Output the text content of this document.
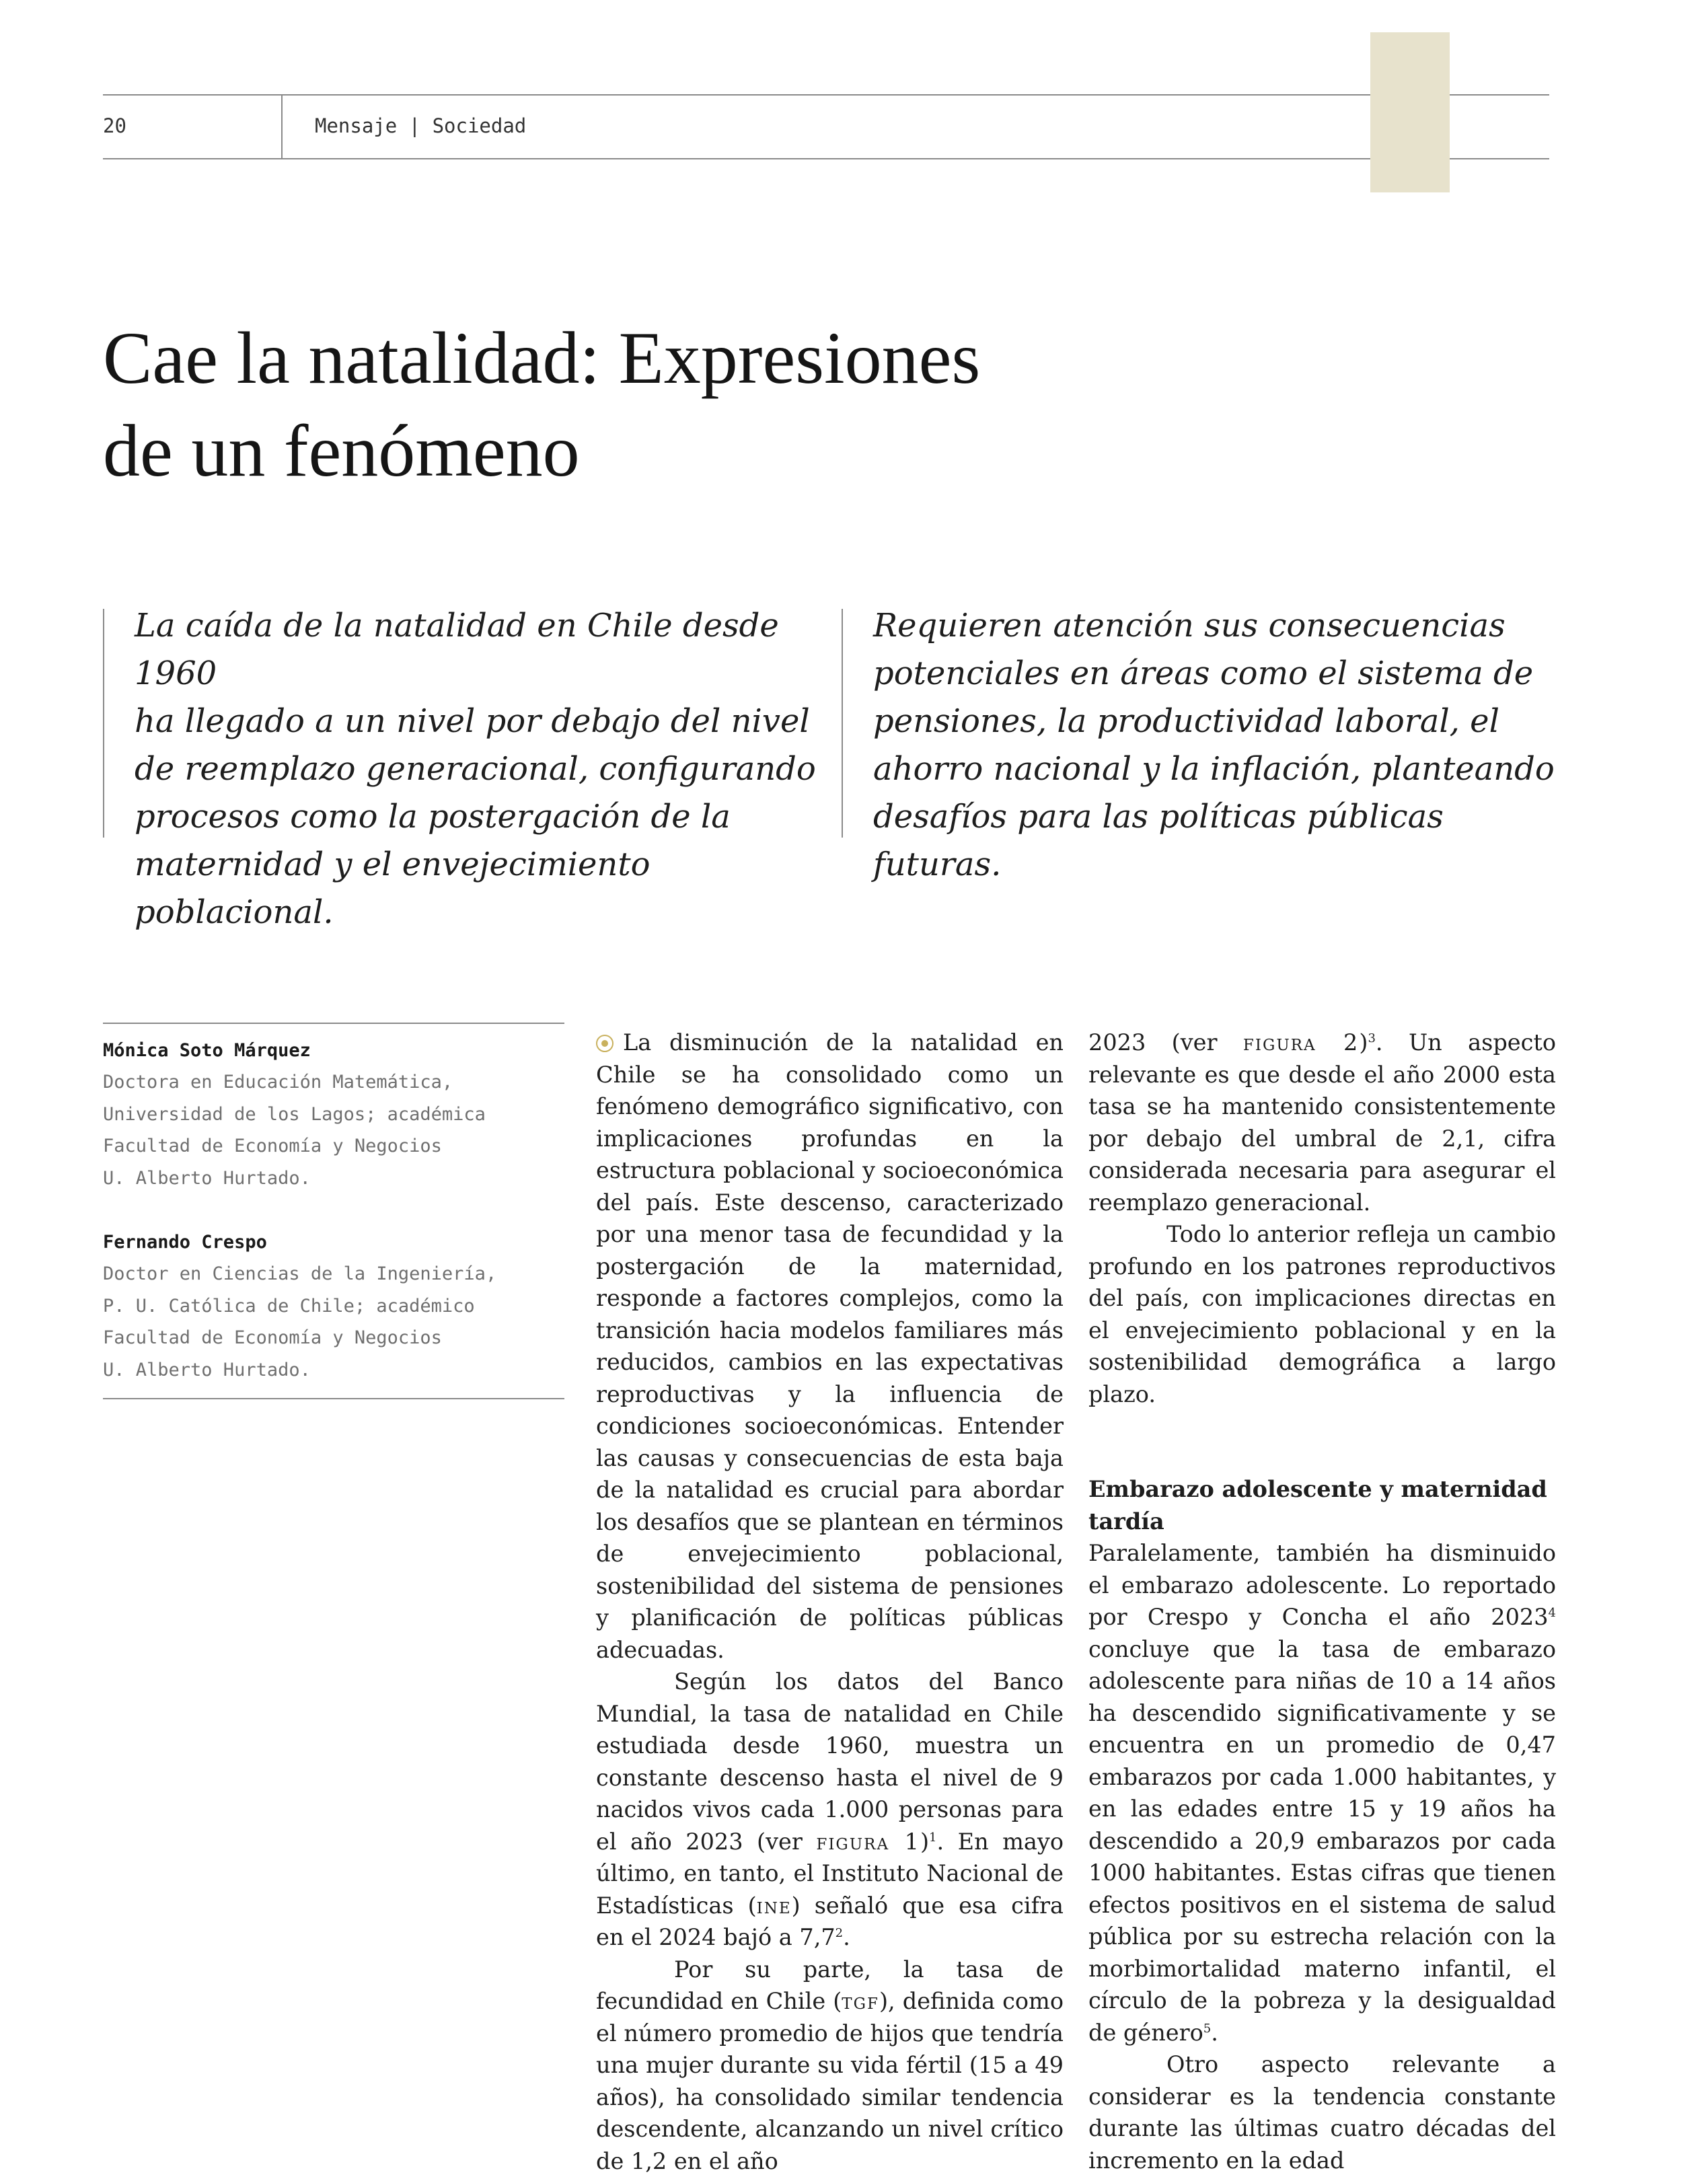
20	Mensaje | Sociedad
Cae la natalidad: Expresiones
de un fenómeno
La caída de la natalidad en Chile desde 1960
ha llegado a un nivel por debajo del nivel
de reemplazo generacional, configurando
procesos como la postergación de la
maternidad y el envejecimiento poblacional.
Requieren atención sus consecuencias
potenciales en áreas como el sistema de
pensiones, la productividad laboral, el
ahorro nacional y la inflación, planteando
desafíos para las políticas públicas futuras.
Mónica Soto Márquez
Doctora en Educación Matemática,
Universidad de los Lagos; académica
Facultad de Economía y Negocios
U. Alberto Hurtado.
Fernando Crespo
Doctor en Ciencias de la Ingeniería,
P. U. Católica de Chile; académico
Facultad de Economía y Negocios
U. Alberto Hurtado.

La disminución de la natalidad en Chile se ha consolidado como un fenómeno demográfico significativo, con implicaciones profundas en la estructura poblacional y socioeconómica del país. Este descenso, caracterizado por una menor tasa de fecundidad y la postergación de la maternidad, responde a factores complejos, como la transición hacia modelos familiares más reducidos, cambios en las expectativas reproductivas y la influencia de condiciones socioeconómicas. Entender las causas y consecuencias de esta baja de la natalidad es crucial para abordar los desafíos que se plantean en términos de envejecimiento poblacional, sostenibilidad del sistema de pensiones y planificación de políticas públicas adecuadas.

Según los datos del Banco Mundial, la tasa de natalidad en Chile estudiada desde 1960, muestra un constante descenso hasta el nivel de 9 nacidos vivos cada 1.000 personas para el año 2023 (ver figura 1)$^1$. En mayo último, en tanto, el Instituto Nacional de Estadísticas (ine) señaló que esa cifra en el 2024 bajó a $7,7^2$.

Por su parte, la tasa de fecundidad en Chile (tgf), definida como el número promedio de hijos que tendría una mujer durante su vida fértil (15 a 49 años), ha consolidado similar tendencia descendente, alcanzando un nivel crítico de 1,2 en el año

2023 (ver figura 2)$^3$. Un aspecto relevante es que desde el año 2000 esta tasa se ha mantenido consistentemente por debajo del umbral de 2,1, cifra considerada necesaria para asegurar el reemplazo generacional.

Todo lo anterior refleja un cambio profundo en los patrones reproductivos del país, con implicaciones directas en el envejecimiento poblacional y en la sostenibilidad demográfica a largo plazo.

Embarazo adolescente y maternidad tardía

Paralelamente, también ha disminuido el embarazo adolescente. Lo reportado por Crespo y Concha el año 2023$^4$ concluye que la tasa de embarazo adolescente para niñas de 10 a 14 años ha descendido significativamente y se encuentra en un promedio de 0,47 embarazos por cada 1.000 habitantes, y en las edades entre 15 y 19 años ha descendido a 20,9 embarazos por cada 1000 habitantes. Estas cifras que tienen efectos positivos en el sistema de salud pública por su estrecha relación con la morbimortalidad materno infantil, el círculo de la pobreza y la desigualdad de género$^5$.

Otro aspecto relevante a considerar es la tendencia constante durante las últimas cuatro décadas del incremento en la edad
